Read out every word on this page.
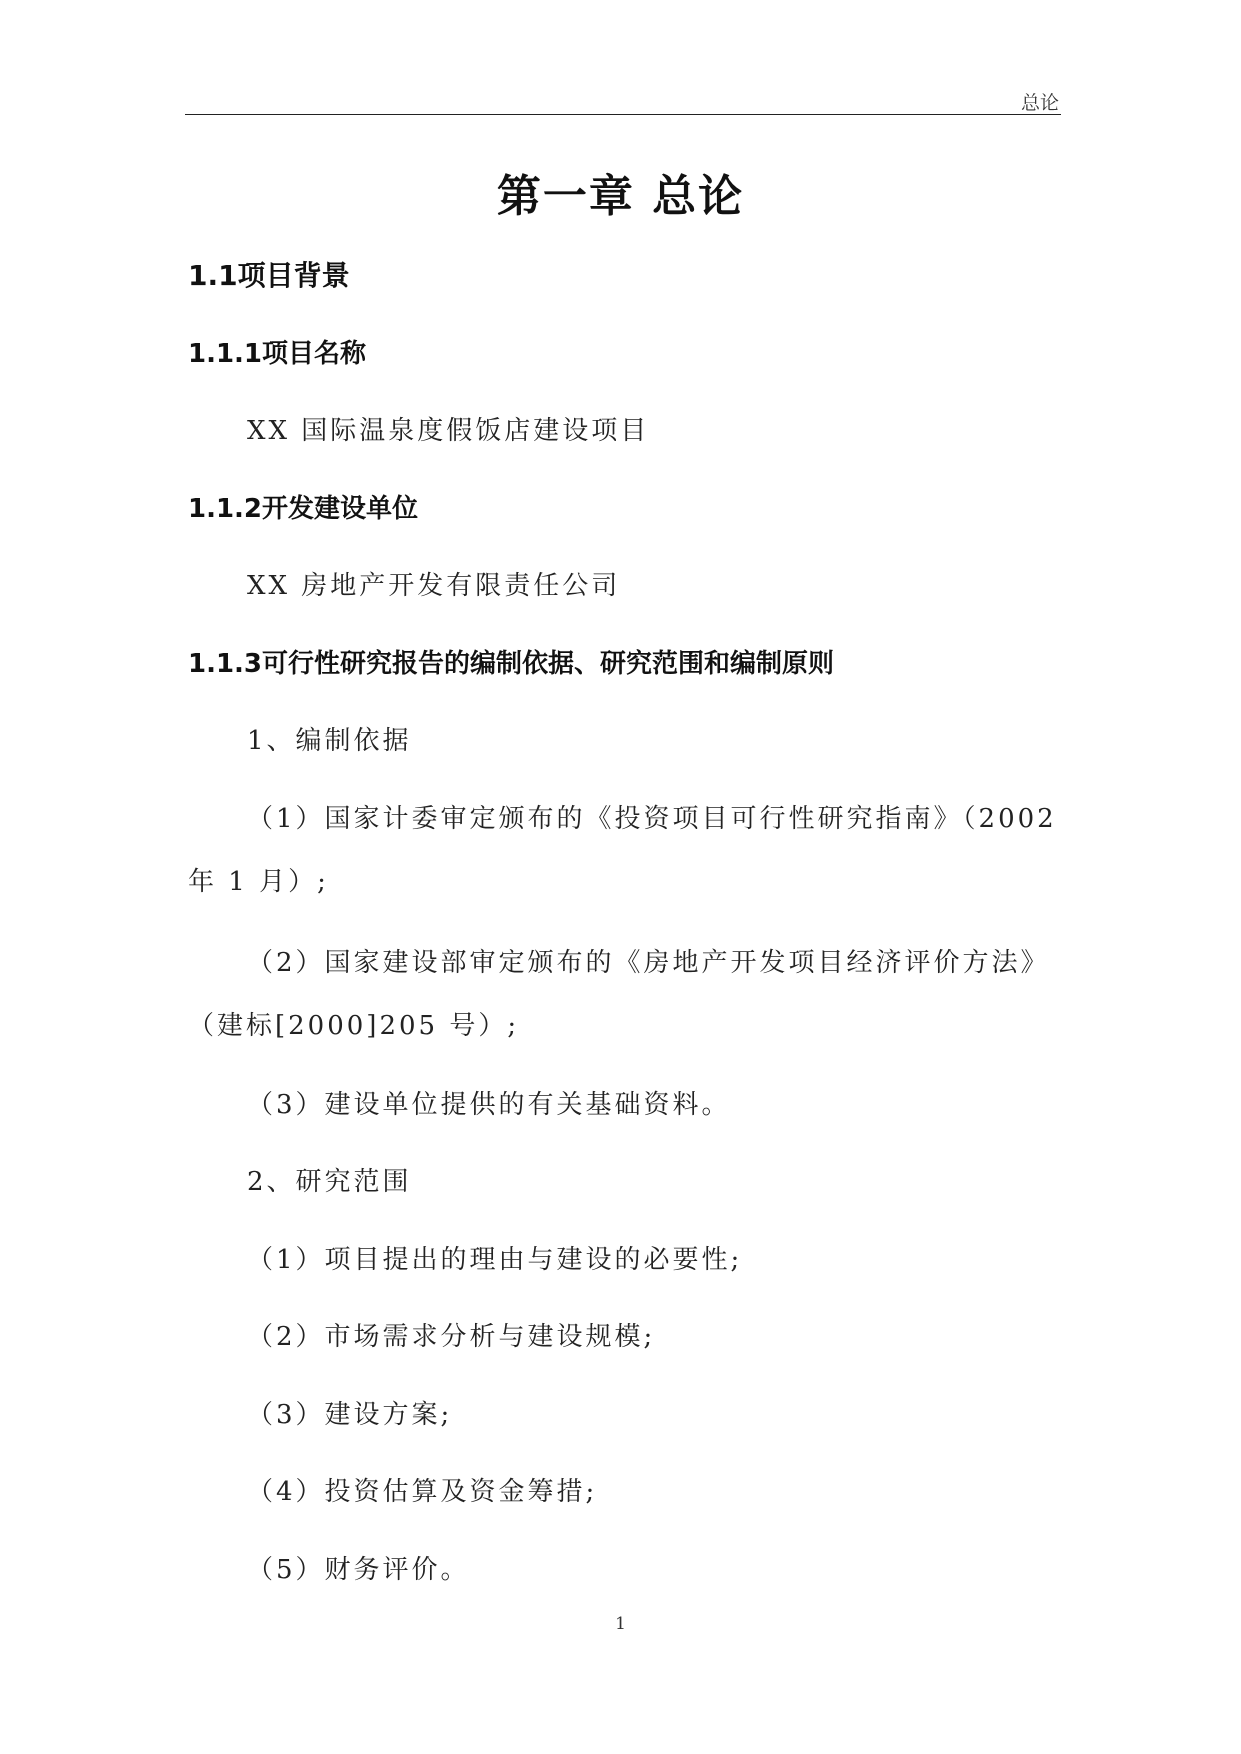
总论
第一章 总论
1.1项目背景
1.1.1项目名称
XX 国际温泉度假饭店建设项目
1.1.2开发建设单位
XX 房地产开发有限责任公司
1.1.3可行性研究报告的编制依据、研究范围和编制原则
1、编制依据
（1）国家计委审定颁布的《投资项目可行性研究指南》（2002
年 1 月）;
（2）国家建设部审定颁布的《房地产开发项目经济评价方法》
（建标[2000]205 号）;
（3）建设单位提供的有关基础资料。
2、研究范围
（1）项目提出的理由与建设的必要性;
（2）市场需求分析与建设规模;
（3）建设方案;
（4）投资估算及资金筹措;
（5）财务评价。
1
